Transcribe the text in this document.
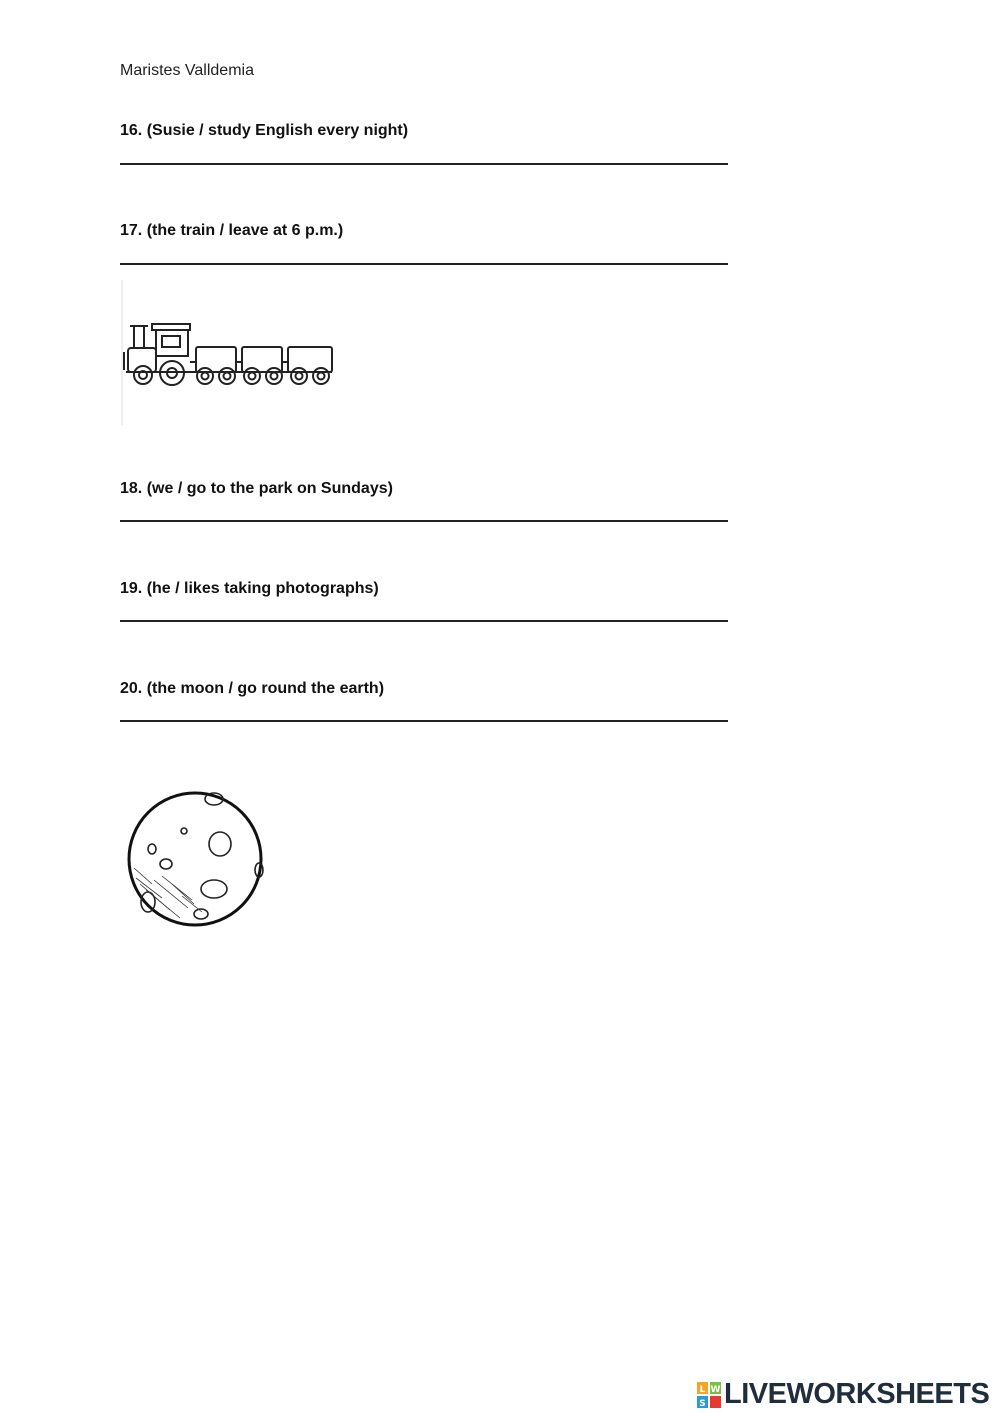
Maristes Valldemia
16. (Susie / study English every night)
17. (the train / leave at 6 p.m.)
18. (we / go to the park on Sundays)
19. (he / likes taking photographs)
20. (the moon / go round the earth)
L W
S LIVEWORKSHEETS
